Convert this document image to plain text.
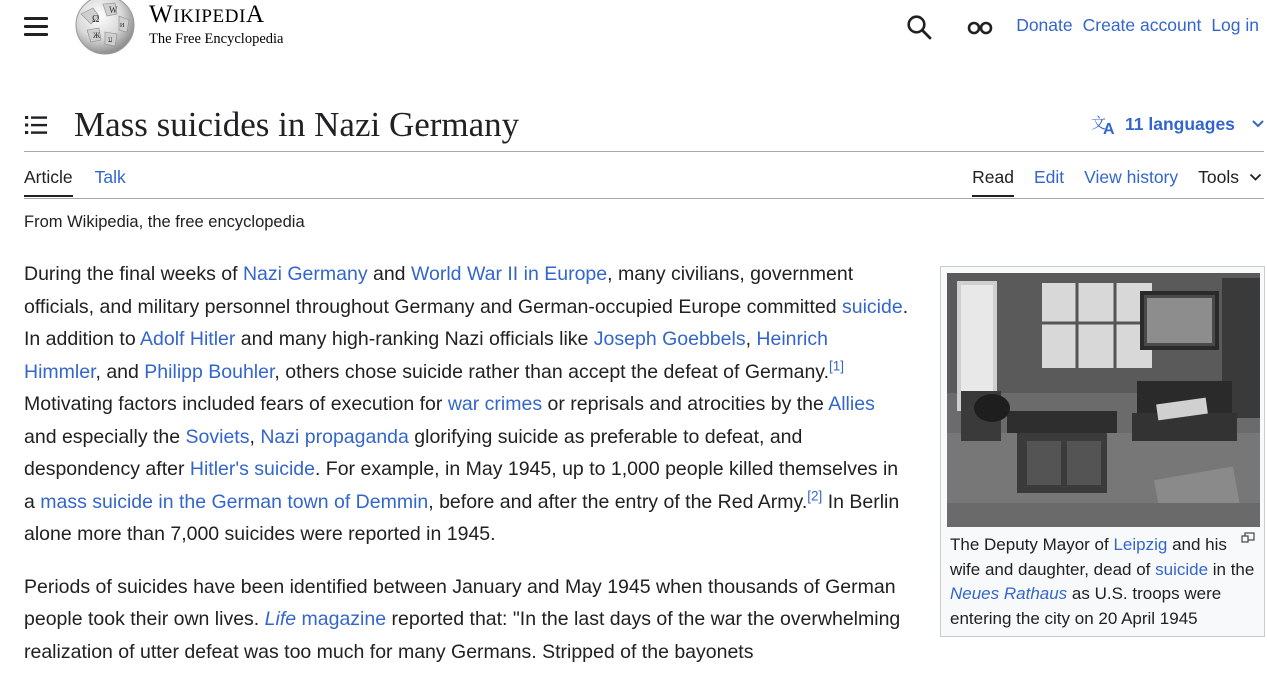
Ω
W
и
Ж ע
WIKIPEDIA
The Free Encyclopedia
Donate Create account Log in
Mass suicides in Nazi Germany	文
A 11 languages
Article Talk	Read Edit View history Tools
From Wikipedia, the free encyclopedia

During the final weeks of Nazi Germany and World War II in Europe, many civilians, government officials, and military personnel throughout Germany and German-occupied Europe committed suicide. In addition to Adolf Hitler and many high-ranking Nazi officials like Joseph Goebbels, Heinrich Himmler, and Philipp Bouhler, others chose suicide rather than accept the defeat of Germany.[1] Motivating factors included fears of execution for war crimes or reprisals and atrocities by the Allies and especially the Soviets, Nazi propaganda glorifying suicide as preferable to defeat, and despondency after Hitler's suicide. For example, in May 1945, up to 1,000 people killed themselves in a mass suicide in the German town of Demmin, before and after the entry of the Red Army.[2] In Berlin alone more than 7,000 suicides were reported in 1945.

Periods of suicides have been identified between January and May 1945 when thousands of German people took their own lives. Life magazine reported that: "In the last days of the war the overwhelming realization of utter defeat was too much for many Germans. Stripped of the bayonets

The Deputy Mayor of Leipzig and his wife and daughter, dead of suicide in the Neues Rathaus as U.S. troops were entering the city on 20 April 1945
